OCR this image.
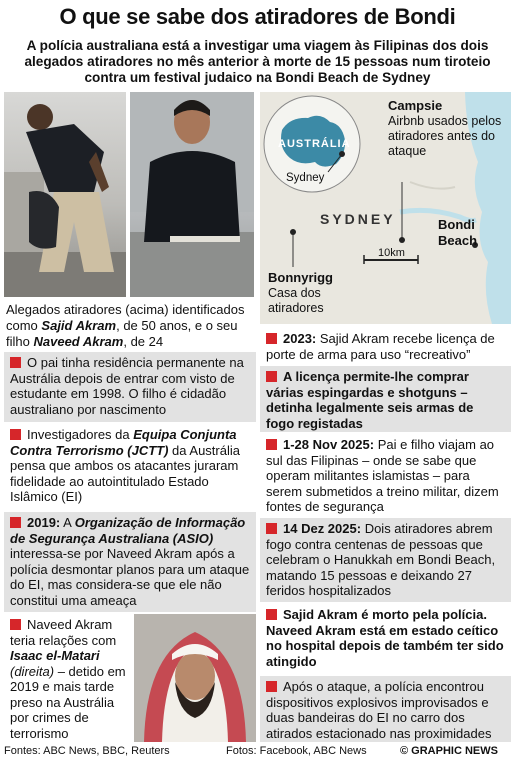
O que se sabe dos atiradores de Bondi
A polícia australiana está a investigar uma viagem às Filipinas dos dois alegados atiradores no mês anterior à morte de 15 pessoas num tiroteio contra um festival judaico na Bondi Beach de Sydney
Alegados atiradores (acima) identificados como Sajid Akram, de 50 anos, e o seu filho Naveed Akram, de 24
AUSTRÁLIA
Sydney
SYDNEY
Campsie
Airbnb usados pelos atiradores antes do ataque
Bondi Beach
Bonnyrigg
Casa dos atiradores
10km
O pai tinha residência permanente na Austrália depois de entrar com visto de estudante em 1998. O filho é cidadão australiano por nascimento
Investigadores da Equipa Conjunta Contra Terrorismo (JCTT) da Austrália pensa que ambos os atacantes juraram fidelidade ao autointitulado Estado Islâmico (EI)
2019: A Organização de Informação de Segurança Australiana (ASIO) interessa-se por Naveed Akram após a polícia desmontar planos para um ataque do EI, mas considera-se que ele não constitui uma ameaça
Naveed Akram teria relações com Isaac el-Matari (direita) – detido em 2019 e mais tarde preso na Austrália por crimes de terrorismo
2023: Sajid Akram recebe licença de porte de arma para uso “recreativo”
A licença permite-lhe comprar várias espingardas e shotguns – detinha legalmente seis armas de fogo registadas
1-28 Nov 2025: Pai e filho viajam ao sul das Filipinas – onde se sabe que operam militantes islamistas – para serem submetidos a treino militar, dizem fontes de segurança
14 Dez 2025: Dois atiradores abrem fogo contra centenas de pessoas que celebram o Hanukkah em Bondi Beach, matando 15 pessoas e deixando 27 feridos hospitalizados
Sajid Akram é morto pela polícia. Naveed Akram está em estado ceítico no hospital depois de também ter sido atingido
Após o ataque, a polícia encontrou dispositivos explosivos improvisados e duas bandeiras do EI no carro dos atirados estacionado nas proximidades
Fontes: ABC News, BBC, Reuters	Fotos: Facebook, ABC News	© GRAPHIC NEWS
